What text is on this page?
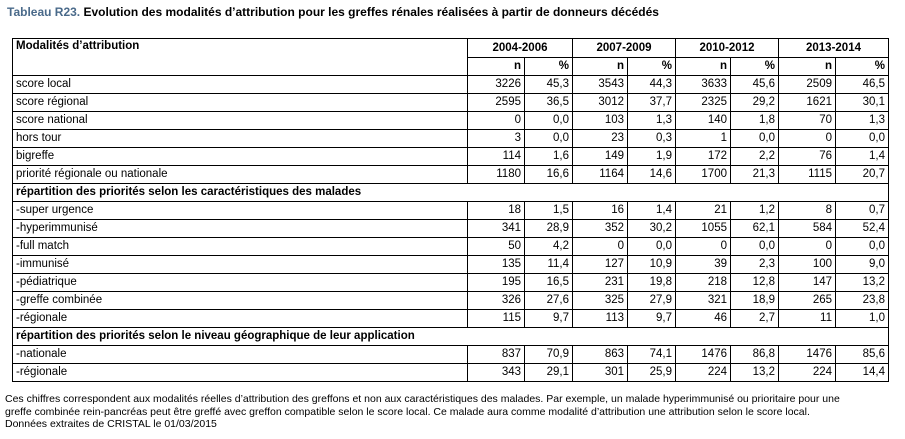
Tableau R23. Evolution des modalités d’attribution pour les greffes rénales réalisées à partir de donneurs décédés
Modalités d’attribution	2004-2006		2007-2009		2010-2012		2013-2014	
	n	%	n	%	n	%	n	%
score local	3226	45,3	3543	44,3	3633	45,6	2509	46,5
score régional	2595	36,5	3012	37,7	2325	29,2	1621	30,1
score national	0	0,0	103	1,3	140	1,8	70	1,3
hors tour	3	0,0	23	0,3	1	0,0	0	0,0
bigreffe	114	1,6	149	1,9	172	2,2	76	1,4
priorité régionale ou nationale	1180	16,6	1164	14,6	1700	21,3	1115	20,7
répartition des priorités selon les caractéristiques des malades								
-super urgence	18	1,5	16	1,4	21	1,2	8	0,7
-hyperimmunisé	341	28,9	352	30,2	1055	62,1	584	52,4
-full match	50	4,2	0	0,0	0	0,0	0	0,0
-immunisé	135	11,4	127	10,9	39	2,3	100	9,0
-pédiatrique	195	16,5	231	19,8	218	12,8	147	13,2
-greffe combinée	326	27,6	325	27,9	321	18,9	265	23,8
-régionale	115	9,7	113	9,7	46	2,7	11	1,0
répartition des priorités selon le niveau géographique de leur application								
-nationale	837	70,9	863	74,1	1476	86,8	1476	85,6
-régionale	343	29,1	301	25,9	224	13,2	224	14,4
Ces chiffres correspondent aux modalités réelles d’attribution des greffons et non aux caractéristiques des malades. Par exemple, un malade hyperimmunisé ou prioritaire pour une
greffe combinée rein-pancréas peut être greffé avec greffon compatible selon le score local. Ce malade aura comme modalité d’attribution une attribution selon le score local.
Données extraites de CRISTAL le 01/03/2015
